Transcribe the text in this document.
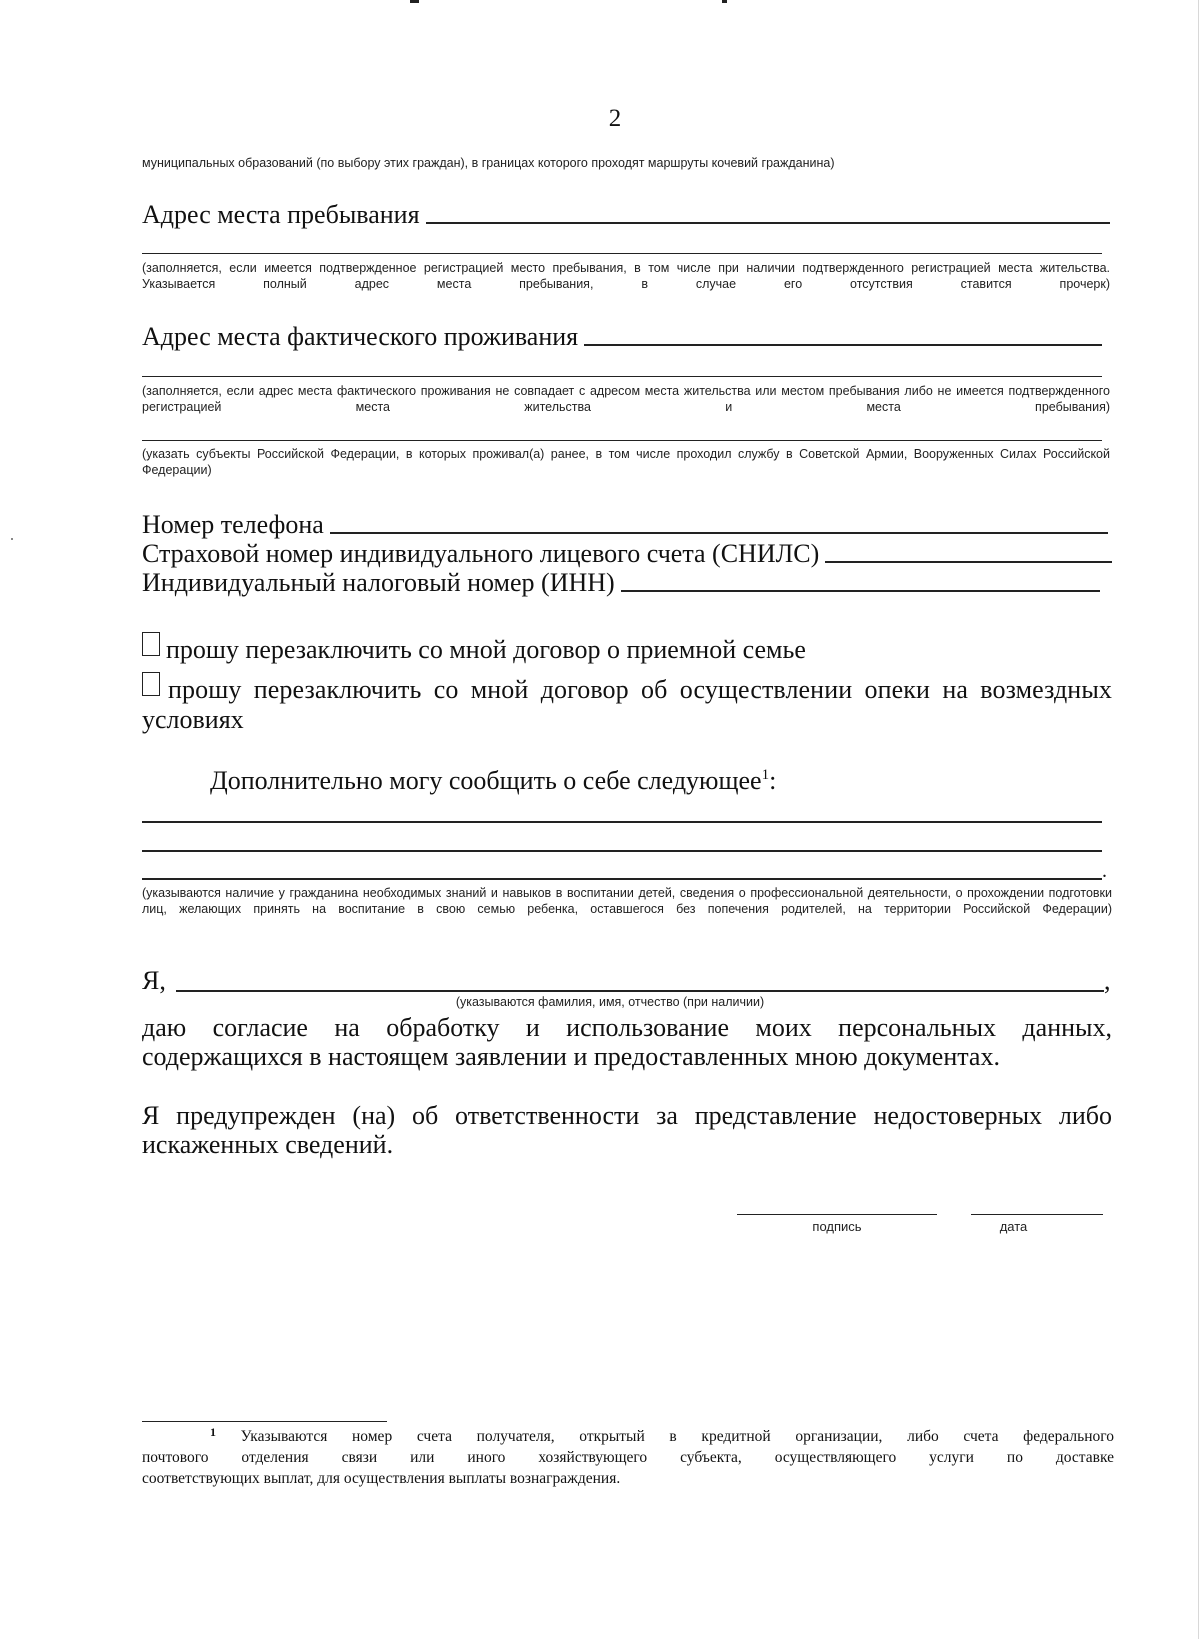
2
муниципальных образований (по выбору этих граждан), в границах которого проходят маршруты кочевий гражданина)
Адрес места пребывания
(заполняется, если имеется подтвержденное регистрацией место пребывания, в том числе при наличии подтвержденного регистрацией места жительства. Указывается полный адрес места пребывания, в случае его отсутствия ставится прочерк)
Адрес места фактического проживания
(заполняется, если адрес места фактического проживания не совпадает с адресом места жительства или местом пребывания либо не имеется подтвержденного регистрацией места жительства и места пребывания)
(указать субъекты Российской Федерации, в которых проживал(а) ранее, в том числе проходил службу в Советской Армии, Вооруженных Силах Российской Федерации)
Номер телефона
Страховой номер индивидуального лицевого счета (СНИЛС)
Индивидуальный налоговый номер (ИНН)
прошу перезаключить со мной договор о приемной семье
прошу перезаключить со мной договор об осуществлении опеки на возмездных
условиях
Дополнительно могу сообщить о себе следующее$^1$:
.
(указываются наличие у гражданина необходимых знаний и навыков в воспитании детей, сведения о профессиональной деятельности, о прохождении подготовки лиц, желающих принять на воспитание в свою семью ребенка, оставшегося без попечения родителей, на территории Российской Федерации)
Я,	,
(указываются фамилия, имя, отчество (при наличии)
даю согласие на обработку и использование моих персональных данных,
содержащихся в настоящем заявлении и предоставленных мною документах.
Я предупрежден (на) об ответственности за представление недостоверных либо
искаженных сведений.
подпись	дата
$^1$ Указываются номер счета получателя, открытый в кредитной организации, либо счета федерального
почтового отделения связи или иного хозяйствующего субъекта, осуществляющего услуги по доставке
соответствующих выплат, для осуществления выплаты вознаграждения.
